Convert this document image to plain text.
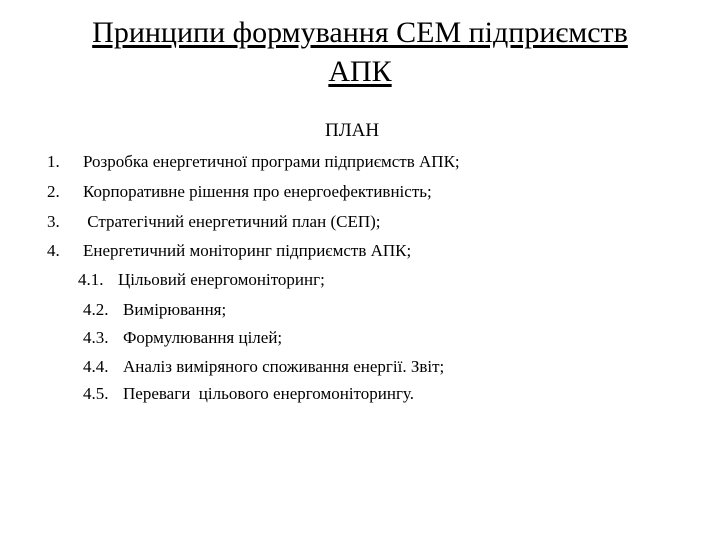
Принципи формування СЕМ підприємств
АПК

ПЛАН

1. Розробка енергетичної програми підприємств АПК;
2. Корпоративне рішення про енергоефективність;
3. Стратегічний енергетичний план (СЕП);
4. Енергетичний моніторинг підприємств АПК;
4.1. Цільовий енергомоніторинг;
4.2. Вимірювання;
4.3. Формулювання цілей;
4.4. Аналіз виміряного споживання енергії. Звіт;
4.5. Переваги  цільового енергомоніторингу.
